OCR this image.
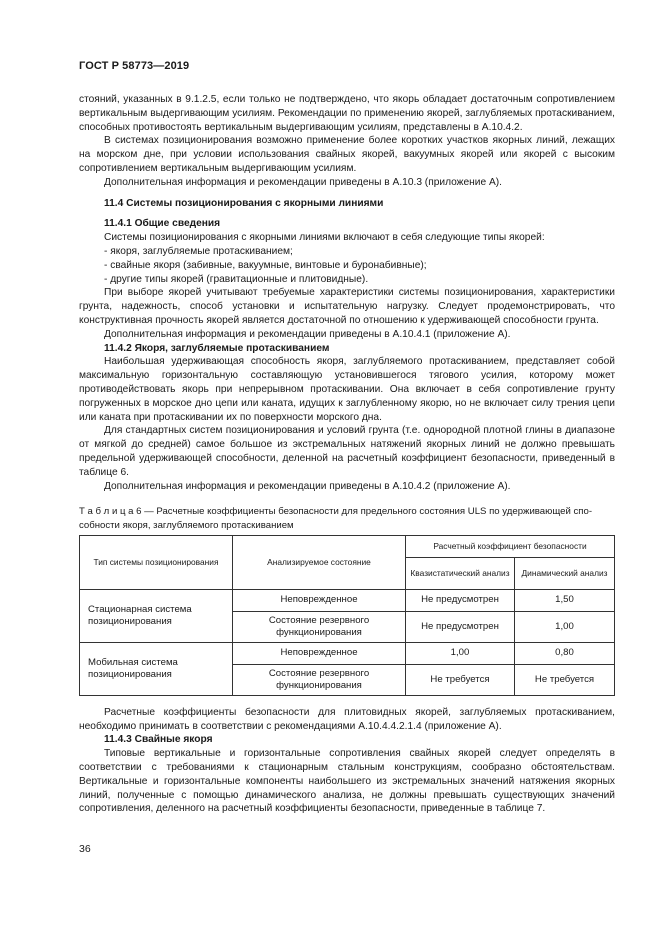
ГОСТ Р 58773—2019

стояний, указанных в 9.1.2.5, если только не подтверждено, что якорь обладает достаточным сопротивлением вертикальным выдергивающим усилиям. Рекомендации по применению якорей, заглубляемых протаскиванием, способных противостоять вертикальным выдергивающим усилиям, представлены в А.10.4.2.

В системах позиционирования возможно применение более коротких участков якорных линий, лежащих на морском дне, при условии использования свайных якорей, вакуумных якорей или якорей с высоким сопротивлением вертикальным выдергивающим усилиям.

Дополнительная информация и рекомендации приведены в А.10.3 (приложение А).

11.4 Системы позиционирования с якорными линиями

11.4.1 Общие сведения

Системы позиционирования с якорными линиями включают в себя следующие типы якорей:

- якоря, заглубляемые протаскиванием;

- свайные якоря (забивные, вакуумные, винтовые и буронабивные);

- другие типы якорей (гравитационные и плитовидные).

При выборе якорей учитывают требуемые характеристики системы позиционирования, характеристики грунта, надежность, способ установки и испытательную нагрузку. Следует продемонстрировать, что конструктивная прочность якорей является достаточной по отношению к удерживающей способности грунта.

Дополнительная информация и рекомендации приведены в А.10.4.1 (приложение А).

11.4.2 Якоря, заглубляемые протаскиванием

Наибольшая удерживающая способность якоря, заглубляемого протаскиванием, представляет собой максимальную горизонтальную составляющую установившегося тягового усилия, которому может противодействовать якорь при непрерывном протаскивании. Она включает в себя сопротивление грунту погруженных в морское дно цепи или каната, идущих к заглубленному якорю, но не включает силу трения цепи или каната при протаскивании их по поверхности морского дна.

Для стандартных систем позиционирования и условий грунта (т.е. однородной плотной глины в диапазоне от мягкой до средней) самое большое из экстремальных натяжений якорных линий не должно превышать предельной удерживающей способности, деленной на расчетный коэффициент безопасности, приведенный в таблице 6.

Дополнительная информация и рекомендации приведены в А.10.4.2 (приложение А).

Т а б л и ц а 6 — Расчетные коэффициенты безопасности для предельного состояния ULS по удерживающей способности якоря, заглубляемого протаскиванием

Тип системы позиционирования	Анализируемое состояние	Расчетный коэффициент безопасности	
		Квазистатический анализ	Динамический анализ
Стационарная система позиционирования	Неповрежденное	Не предусмотрен	1,50
	Состояние резервного функционирования	Не предусмотрен	1,00
Мобильная система позиционирования	Неповрежденное	1,00	0,80
	Состояние резервного функционирования	Не требуется	Не требуется

Расчетные коэффициенты безопасности для плитовидных якорей, заглубляемых протаскиванием, необходимо принимать в соответствии с рекомендациями А.10.4.4.2.1.4 (приложение А).

11.4.3 Свайные якоря

Типовые вертикальные и горизонтальные сопротивления свайных якорей следует определять в соответствии с требованиями к стационарным стальным конструкциям, сообразно обстоятельствам. Вертикальные и горизонтальные компоненты наибольшего из экстремальных значений натяжения якорных линий, полученные с помощью динамического анализа, не должны превышать существующих значений сопротивления, деленного на расчетный коэффициенты безопасности, приведенные в таблице 7.

36
